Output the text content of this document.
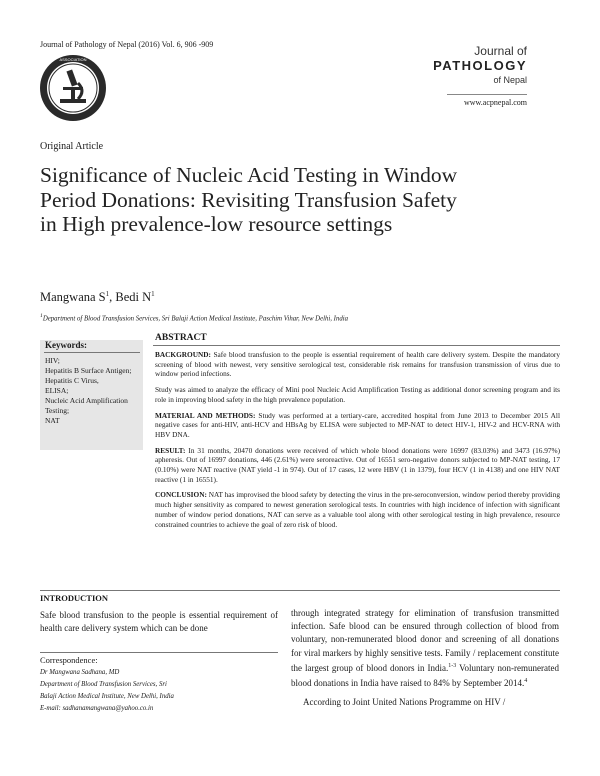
Journal of Pathology of Nepal (2016) Vol. 6, 906 -909
ASSOCIATION
Journal of
PATHOLOGY
of Nepal
www.acpnepal.com
Original Article
Significance of Nucleic Acid Testing in Window Period Donations: Revisiting Transfusion Safety in High prevalence-low resource settings
Mangwana $S^1$, Bedi $N^1$
$^1$Department of Blood Transfusion Services, Sri Balaji Action Medical Institute, Paschim Vihar, New Delhi, India
Keywords:
HIV;
Hepatitis B Surface Antigen;
Hepatitis C Virus,
ELISA;
Nucleic Acid Amplification Testing;
NAT
ABSTRACT

BACKGROUND: Safe blood transfusion to the people is essential requirement of health care delivery system. Despite the mandatory screening of blood with newest, very sensitive serological test, considerable risk remains for transfusion transmission of virus due to window period infections.

Study was aimed to analyze the efficacy of Mini pool Nucleic Acid Amplification Testing as additional donor screening program and its role in improving blood safety in the high prevalence population.

MATERIAL AND METHODS: Study was performed at a tertiary-care, accredited hospital from June 2013 to December 2015 All negative cases for anti-HIV, anti-HCV and HBsAg by ELISA were subjected to MP-NAT to detect HIV-1, HIV-2 and HCV-RNA with HBV DNA.

RESULT: In 31 months, 20470 donations were received of which whole blood donations were 16997 (83.03%) and 3473 (16.97%) apheresis. Out of 16997 donations, 446 (2.61%) were seroreactive. Out of 16551 sero-negative donors subjected to MP-NAT testing, 17 (0.10%) were NAT reactive (NAT yield -1 in 974). Out of 17 cases, 12 were HBV (1 in 1379), four HCV (1 in 4138) and one HIV NAT reactive (1 in 16551).

CONCLUSION: NAT has improvised the blood safety by detecting the virus in the pre-seroconversion, window period thereby providing much higher sensitivity as compared to newest generation serological tests. In countries with high incidence of infection with significant number of window period donations, NAT can serve as a valuable tool along with other serological testing in high prevalence, resource constrained countries to achieve the goal of zero risk of blood.

INTRODUCTION
Safe blood transfusion to the people is essential requirement of health care delivery system which can be done

through integrated strategy for elimination of transfusion transmitted infection. Safe blood can be ensured through collection of blood from voluntary, non-remunerated blood donor and screening of all donations for viral markers by highly sensitive tests. Family / replacement constitute the largest group of blood donors in India.$^{1-3}$ Voluntary non-remunerated blood donations in India have raised to 84% by September 2014.$^4$

According to Joint United Nations Programme on HIV /

Correspondence:
Dr Mangwana Sadhana, MD
Department of Blood Transfusion Services, Sri
Balaji Action Medical Institute, New Delhi, India
E-mail: sadhanamangwana@yahoo.co.in
